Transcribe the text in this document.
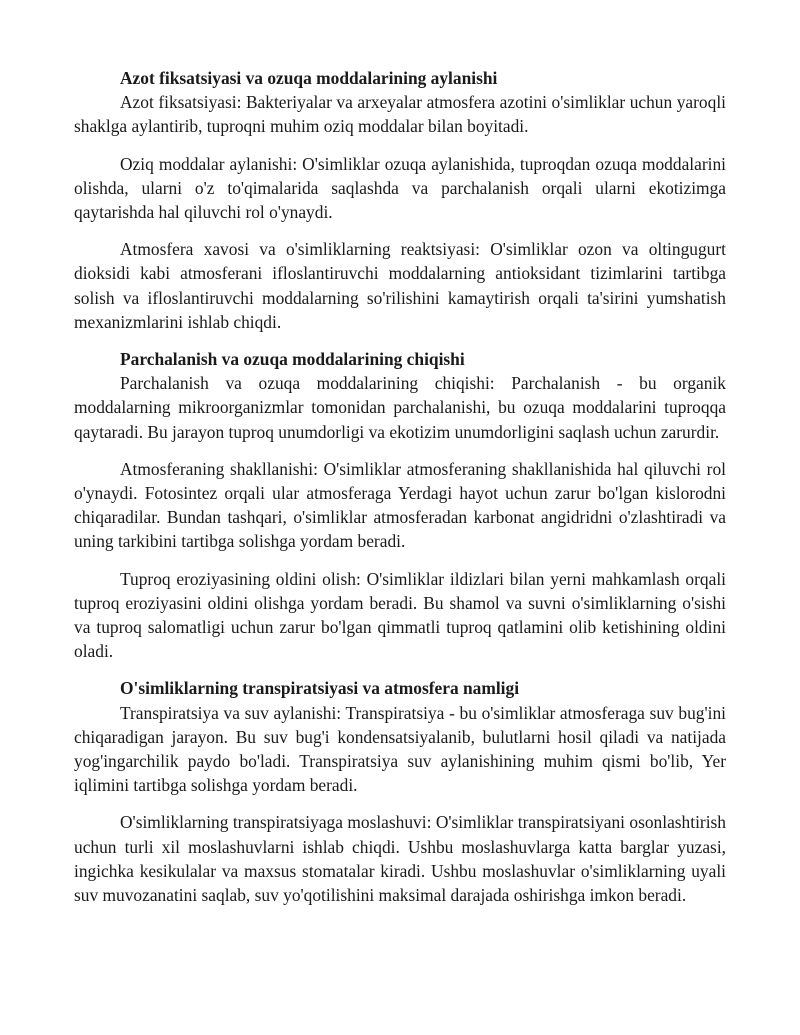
Azot fiksatsiyasi va ozuqa moddalarining aylanishi

Azot fiksatsiyasi: Bakteriyalar va arxeyalar atmosfera azotini o'simliklar uchun yaroqli shaklga aylantirib, tuproqni muhim oziq moddalar bilan boyitadi.

Oziq moddalar aylanishi: O'simliklar ozuqa aylanishida, tuproqdan ozuqa moddalarini olishda, ularni o'z to'qimalarida saqlashda va parchalanish orqali ularni ekotizimga qaytarishda hal qiluvchi rol o'ynaydi.

Atmosfera xavosi va o'simliklarning reaktsiyasi: O'simliklar ozon va oltingugurt dioksidi kabi atmosferani ifloslantiruvchi moddalarning antioksidant tizimlarini tartibga solish va ifloslantiruvchi moddalarning so'rilishini kamaytirish orqali ta'sirini yumshatish mexanizmlarini ishlab chiqdi.

Parchalanish va ozuqa moddalarining chiqishi

Parchalanish va ozuqa moddalarining chiqishi: Parchalanish - bu organik moddalarning mikroorganizmlar tomonidan parchalanishi, bu ozuqa moddalarini tuproqqa qaytaradi. Bu jarayon tuproq unumdorligi va ekotizim unumdorligini saqlash uchun zarurdir.

Atmosferaning shakllanishi: O'simliklar atmosferaning shakllanishida hal qiluvchi rol o'ynaydi. Fotosintez orqali ular atmosferaga Yerdagi hayot uchun zarur bo'lgan kislorodni chiqaradilar. Bundan tashqari, o'simliklar atmosferadan karbonat angidridni o'zlashtiradi va uning tarkibini tartibga solishga yordam beradi.

Tuproq eroziyasining oldini olish: O'simliklar ildizlari bilan yerni mahkamlash orqali tuproq eroziyasini oldini olishga yordam beradi. Bu shamol va suvni o'simliklarning o'sishi va tuproq salomatligi uchun zarur bo'lgan qimmatli tuproq qatlamini olib ketishining oldini oladi.

O'simliklarning transpiratsiyasi va atmosfera namligi

Transpiratsiya va suv aylanishi: Transpiratsiya - bu o'simliklar atmosferaga suv bug'ini chiqaradigan jarayon. Bu suv bug'i kondensatsiyalanib, bulutlarni hosil qiladi va natijada yog'ingarchilik paydo bo'ladi. Transpiratsiya suv aylanishining muhim qismi bo'lib, Yer iqlimini tartibga solishga yordam beradi.

O'simliklarning transpiratsiyaga moslashuvi: O'simliklar transpiratsiyani osonlashtirish uchun turli xil moslashuvlarni ishlab chiqdi. Ushbu moslashuvlarga katta barglar yuzasi, ingichka kesikulalar va maxsus stomatalar kiradi. Ushbu moslashuvlar o'simliklarning uyali suv muvozanatini saqlab, suv yo'qotilishini maksimal darajada oshirishga imkon beradi.
